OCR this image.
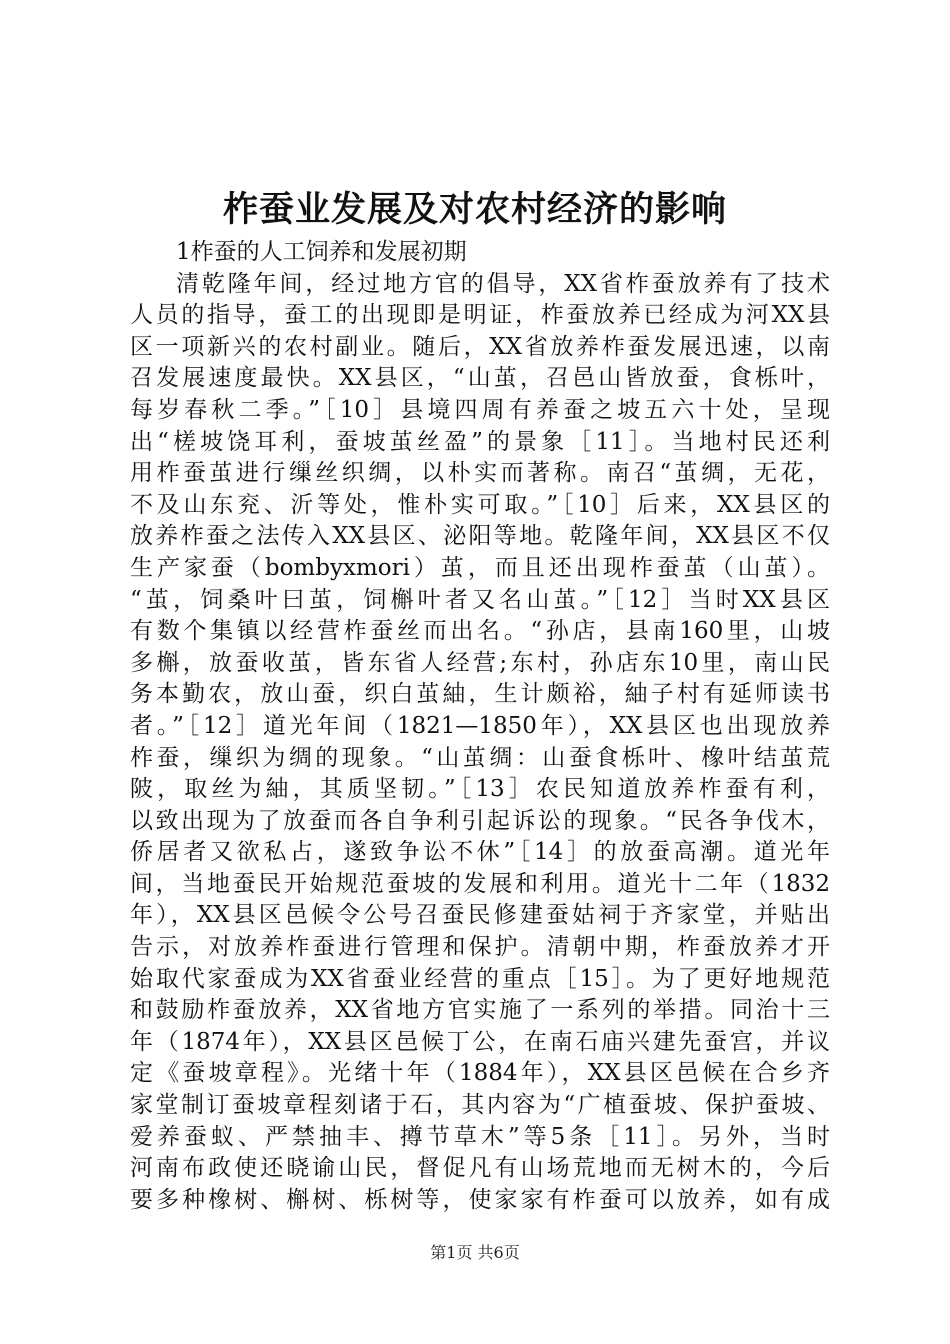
柞蚕业发展及对农村经济的影响
1柞蚕的人工饲养和发展初期
清乾隆年间，经过地方官的倡导，XX省柞蚕放养有了技术
人员的指导，蚕工的出现即是明证，柞蚕放养已经成为河XX县
区一项新兴的农村副业。随后，XX省放养柞蚕发展迅速，以南
召发展速度最快。XX县区，“山茧，召邑山皆放蚕，食栎叶，
每岁春秋二季。”［10］县境四周有养蚕之坡五六十处，呈现
出“槎坡饶耳利，蚕坡茧丝盈”的景象［11］。当地村民还利
用柞蚕茧进行缫丝织绸，以朴实而著称。南召“茧绸，无花，
不及山东兖、沂等处，惟朴实可取。”［10］后来，XX县区的
放养柞蚕之法传入XX县区、泌阳等地。乾隆年间，XX县区不仅
生产家蚕（bombyxmori）茧，而且还出现柞蚕茧（山茧）。
“茧，饲桑叶曰茧，饲槲叶者又名山茧。”［12］当时XX县区
有数个集镇以经营柞蚕丝而出名。“孙店，县南160里，山坡
多槲，放蚕收茧，皆东省人经营;东村，孙店东10里，南山民
务本勤农，放山蚕，织白茧紬，生计颇裕，紬子村有延师读书
者。”［12］道光年间（1821—1850年），XX县区也出现放养
柞蚕，缫织为绸的现象。“山茧绸：山蚕食栎叶、橡叶结茧荒
陂，取丝为紬，其质坚韧。”［13］农民知道放养柞蚕有利，
以致出现为了放蚕而各自争利引起诉讼的现象。“民各争伐木，
侨居者又欲私占，遂致争讼不休”［14］的放蚕高潮。道光年
间，当地蚕民开始规范蚕坡的发展和利用。道光十二年（1832
年），XX县区邑候令公号召蚕民修建蚕姑祠于齐家堂，并贴出
告示，对放养柞蚕进行管理和保护。清朝中期，柞蚕放养才开
始取代家蚕成为XX省蚕业经营的重点［15］。为了更好地规范
和鼓励柞蚕放养，XX省地方官实施了一系列的举措。同治十三
年（1874年），XX县区邑候丁公，在南石庙兴建先蚕宫，并议
定《蚕坡章程》。光绪十年（1884年），XX县区邑候在合乡齐
家堂制订蚕坡章程刻诸于石，其内容为“广植蚕坡、保护蚕坡、
爱养蚕蚁、严禁抽丰、撙节草木”等5条［11］。另外，当时
河南布政使还晓谕山民，督促凡有山场荒地而无树木的，今后
要多种橡树、槲树、栎树等，使家家有柞蚕可以放养，如有成
第1页 共6页
